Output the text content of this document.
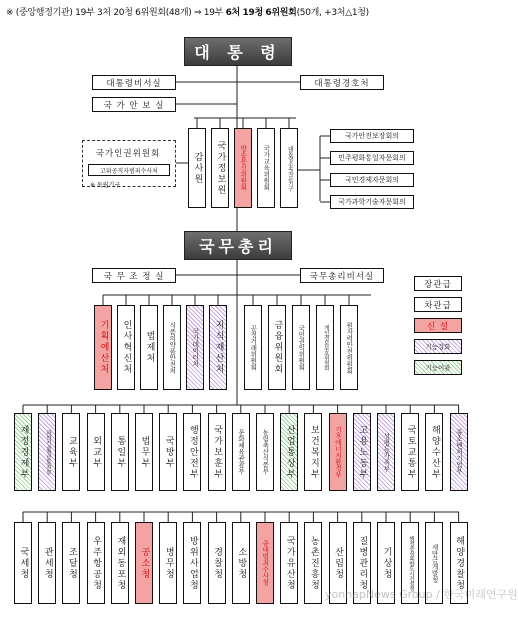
※ (중앙행정기관) 19부 3처 20청 6위원회(48개) ⇒ 19부 6처 19청 6위원회(50개, +3처△1청)
대 통 령
대통령비서실
국 가 안 보 실
대통령경호처
감사원 국가정보원 방송통신위원회 국가교육위원회	대통령소속자문기구
국가인권위원회
고위공직자범죄수사처
※ 독립기구
국가안전보장회의
민주평화통일자문회의
국민경제자문회의
국가과학기술자문회의
국무총리
국 무 조 정 실	국무총리비서실
기획예산처 인사혁신처 법제처 식품의약품안전처 국가데이터처 지식재산처	공정거래위원회 금융위원회 국민권익위원회	개인정보보호위원회	원자력안전위원회
장관급
차관급
신 설
기능강화
기능이관
재정경제부	과학기술정보통신부 교육부 외교부 통일부 법무부 국방부 행정안전부 국가보훈부 문화체육관광부 농림축산식품부 산업통상부 보건복지부 기후에너지환경부 고용노동부 성평등가족부 국토교통부 해양수산부 중소벤처기업부
국세청 관세청 조달청 우주항공청 재외동포청 공소청 병무청 방위사업청 경찰청 소방청 중대범죄수사청 국가유산청 농촌진흥청 산림청 질병관리청 기상청	행정중심복합도시건설청	새만금개발청 해양경찰청
yonhapNews Group / 한국미래연구원
